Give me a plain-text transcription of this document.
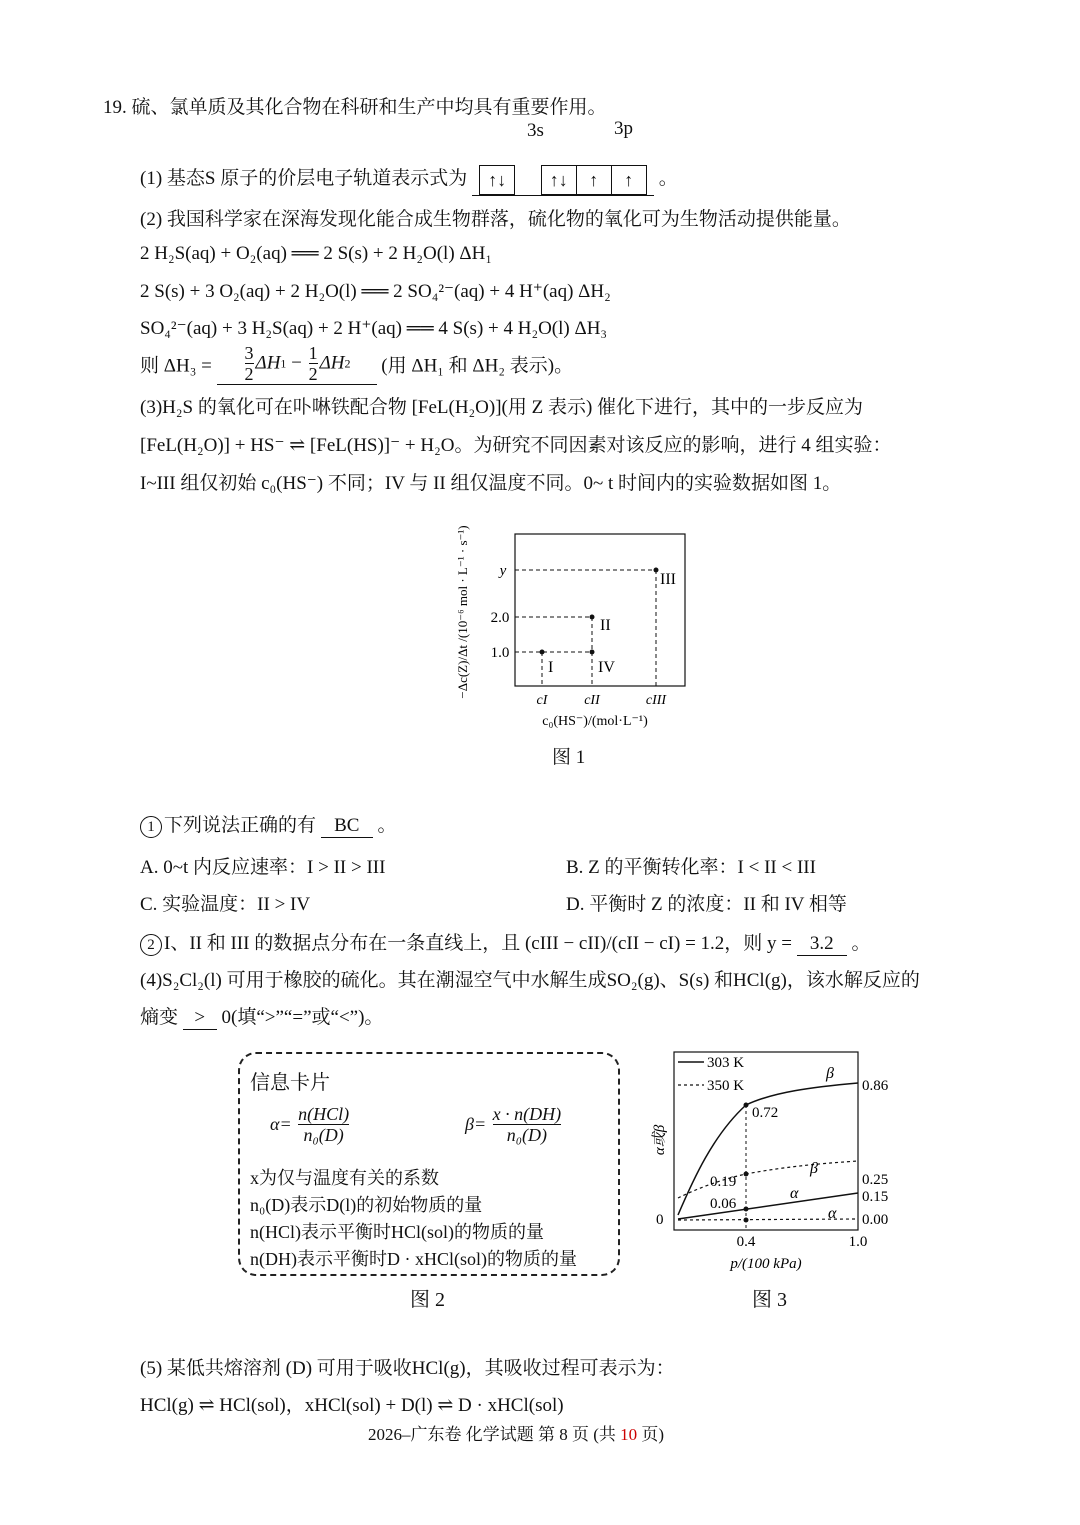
19. 硫、氯单质及其化合物在科研和生产中均具有重要作用。
3s	3p
(1) 基态S 原子的价层电子轨道表示式为 ↑↓ ↑↓ ↑ ↑ 。
(2) 我国科学家在深海发现化能合成生物群落，硫化物的氧化可为生物活动提供能量。
2 H₂S(aq) + O₂(aq) ══ 2 S(s) + 2 H₂O(l) ΔH₁
2 S(s) + 3 O₂(aq) + 2 H₂O(l) ══ 2 SO₄²⁻(aq) + 4 H⁺(aq) ΔH₂
SO₄²⁻(aq) + 3 H₂S(aq) + 2 H⁺(aq) ══ 4 S(s) + 4 H₂O(l) ΔH₃
则 $\Delta H_3 = \frac{3}{2} \Delta H1 - \frac{1}{2} \Delta H2$ (用 ΔH₁ 和 ΔH₂ 表示)。
(3)H₂S 的氧化可在卟啉铁配合物 [FeL(H₂O)](用 Z 表示) 催化下进行，其中的一步反应为
[FeL(H₂O)] + HS⁻ ⇌ [FeL(HS)]⁻ + H₂O。为研究不同因素对该反应的影响，进行 4 组实验：
I~III 组仅初始 c₀(HS⁻) 不同；IV 与 II 组仅温度不同。0~ t 时间内的实验数据如图 1。
I
II
III
IV
y
2.0
1.0
cI	cII	cIII
c₀(HS⁻)/(mol·L⁻¹)
−Δc(Z)/Δt /(10⁻⁶ mol · L⁻¹ · s⁻¹)
图 1
1 下列说法正确的有 BC 。
A. 0~t 内反应速率：I > II > III	B. Z 的平衡转化率：I < II < III
C. 实验温度：II > IV	D. 平衡时 Z 的浓度：II 和 IV 相等
2 I、II 和 III 的数据点分布在一条直线上，且 (cIII − cII)/(cII − cI) = 1.2，则 y = 3.2 。
(4)S₂Cl₂(l) 可用于橡胶的硫化。其在潮湿空气中水解生成SO₂(g)、S(s) 和HCl(g)，该水解反应的
熵变 > 0(填“>”“=”或“<”)。
信息卡片
$\alpha= \frac{\text{n(HCl)}}{\text{n₀(D)}}$	$\beta= \frac{x \cdot n(DH)}{\text{n₀(D)}}$
x为仅与温度有关的系数
n₀(D)表示D(l)的初始物质的量
n(HCl)表示平衡时HCl(sol)的物质的量
n(DH)表示平衡时D · xHCl(sol)的物质的量
图 2
303 K
350 K
0.72
0.19
0.06
β
β
α
α
0.86
0.25
0.15
0.00
0
0.4	1.0
p/(100 kPa)
α或β
图 3
(5) 某低共熔溶剂 (D) 可用于吸收HCl(g)，其吸收过程可表示为：
HCl(g) ⇌ HCl(sol)，xHCl(sol) + D(l) ⇌ D · xHCl(sol)
2026–广东卷 化学试题 第 8 页 (共 10 页)
